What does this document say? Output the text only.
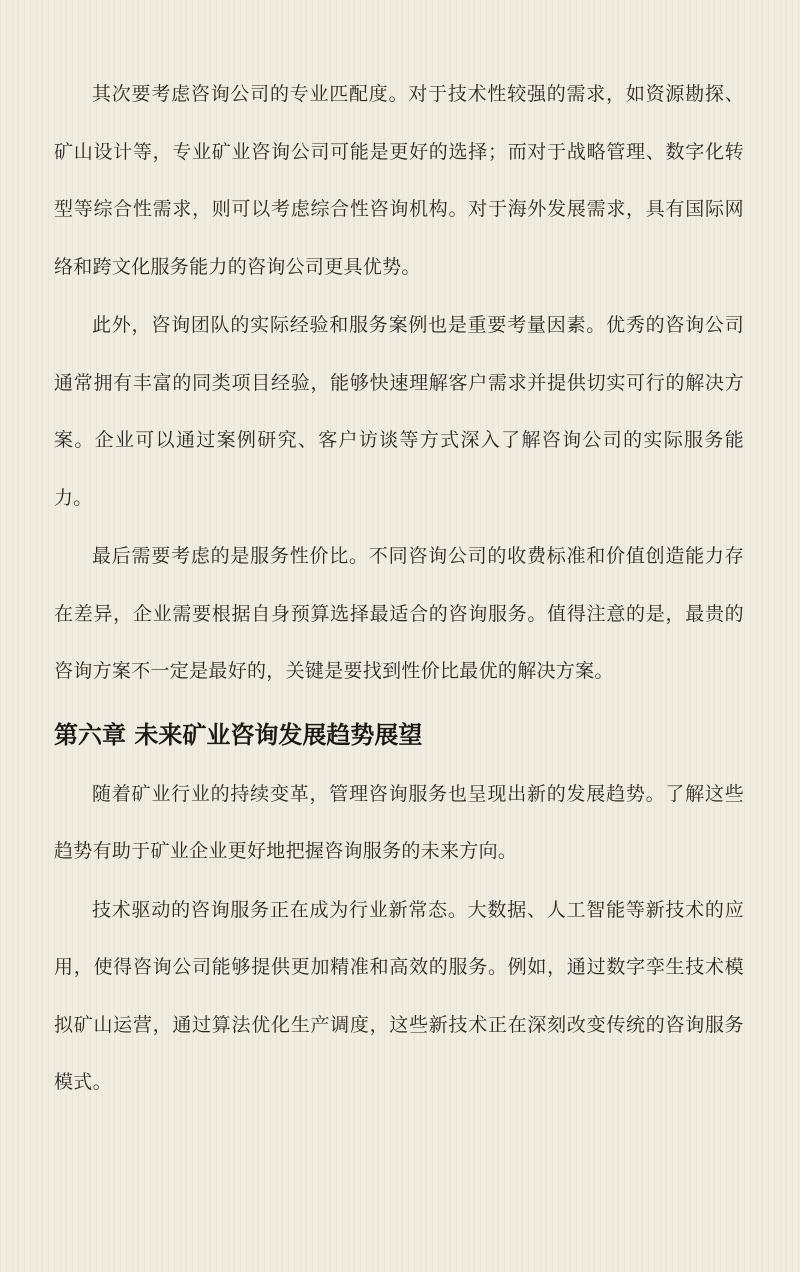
其次要考虑咨询公司的专业匹配度。对于技术性较强的需求，如资源勘探、矿山设计等，专业矿业咨询公司可能是更好的选择；而对于战略管理、数字化转型等综合性需求，则可以考虑综合性咨询机构。对于海外发展需求，具有国际网络和跨文化服务能力的咨询公司更具优势。

此外，咨询团队的实际经验和服务案例也是重要考量因素。优秀的咨询公司通常拥有丰富的同类项目经验，能够快速理解客户需求并提供切实可行的解决方案。企业可以通过案例研究、客户访谈等方式深入了解咨询公司的实际服务能力。

最后需要考虑的是服务性价比。不同咨询公司的收费标准和价值创造能力存在差异，企业需要根据自身预算选择最适合的咨询服务。值得注意的是，最贵的咨询方案不一定是最好的，关键是要找到性价比最优的解决方案。

第六章 未来矿业咨询发展趋势展望

随着矿业行业的持续变革，管理咨询服务也呈现出新的发展趋势。了解这些趋势有助于矿业企业更好地把握咨询服务的未来方向。

技术驱动的咨询服务正在成为行业新常态。大数据、人工智能等新技术的应用，使得咨询公司能够提供更加精准和高效的服务。例如，通过数字孪生技术模拟矿山运营，通过算法优化生产调度，这些新技术正在深刻改变传统的咨询服务模式。
